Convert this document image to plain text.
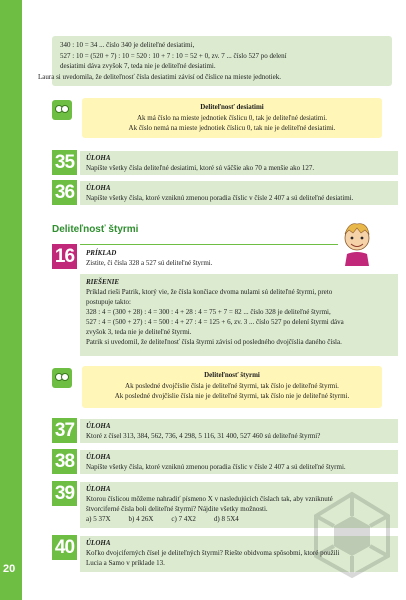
20
340 : 10 = 34 ... číslo 340 je deliteľné desiatimi,
527 : 10 = (520 + 7) : 10 = 520 : 10 + 7 : 10 = 52 + 0, zv. 7 ... číslo 527 po delení
desiatimi dáva zvyšok 7, teda nie je deliteľné desiatimi.
Laura si uvedomila, že deliteľnosť čísla desiatimi závisí od číslice na mieste jednotiek.
Deliteľnosť desiatimi
Ak má číslo na mieste jednotiek číslicu 0, tak je deliteľné desiatimi.
Ak číslo nemá na mieste jednotiek číslicu 0, tak nie je deliteľné desiatimi.
35	ÚLOHA
Napíšte všetky čísla deliteľné desiatimi, ktoré sú väčšie ako 70 a menšie ako 127.
36	ÚLOHA
Napíšte všetky čísla, ktoré vzniknú zmenou poradia číslic v čísle 2 407 a sú deliteľné desiatimi.
Deliteľnosť štyrmi
16	PRÍKLAD
Zistite, či čísla 328 a 527 sú deliteľné štyrmi.
RIEŠENIE
Príklad rieši Patrik, ktorý vie, že čísla končiace dvoma nulami sú deliteľné štyrmi, preto
postupuje takto:
328 : 4 = (300 + 28) : 4 = 300 : 4 + 28 : 4 = 75 + 7 = 82 ... číslo 328 je deliteľné štyrmi,
527 : 4 = (500 + 27) : 4 = 500 : 4 + 27 : 4 = 125 + 6, zv. 3 ... číslo 527 po delení štyrmi dáva
zvyšok 3, teda nie je deliteľné štyrmi.
Patrik si uvedomil, že deliteľnosť čísla štyrmi závisí od posledného dvojčíslia daného čísla.
Deliteľnosť štyrmi
Ak posledné dvojčíslie čísla je deliteľné štyrmi, tak číslo je deliteľné štyrmi.
Ak posledné dvojčíslie čísla nie je deliteľné štyrmi, tak číslo nie je deliteľné štyrmi.
37	ÚLOHA
Ktoré z čísel 313, 384, 562, 736, 4 298, 5 116, 31 400, 527 460 sú deliteľné štyrmi?
38	ÚLOHA
Napíšte všetky čísla, ktoré vzniknú zmenou poradia číslic v čísle 2 407 a sú deliteľné štyrmi.
39	ÚLOHA
Ktorou číslicou môžeme nahradiť písmeno X v nasledujúcich číslach tak, aby vzniknuté
štvorciferné čísla boli deliteľné štyrmi? Nájdite všetky možnosti.
a) 5 37X	b) 4 26X	c) 7 4X2	d) 8 5X4
40	ÚLOHA
Koľko dvojciferných čísel je deliteľných štyrmi? Riešte obidvoma spôsobmi, ktoré použili
Lucia a Samo v príklade 13.
